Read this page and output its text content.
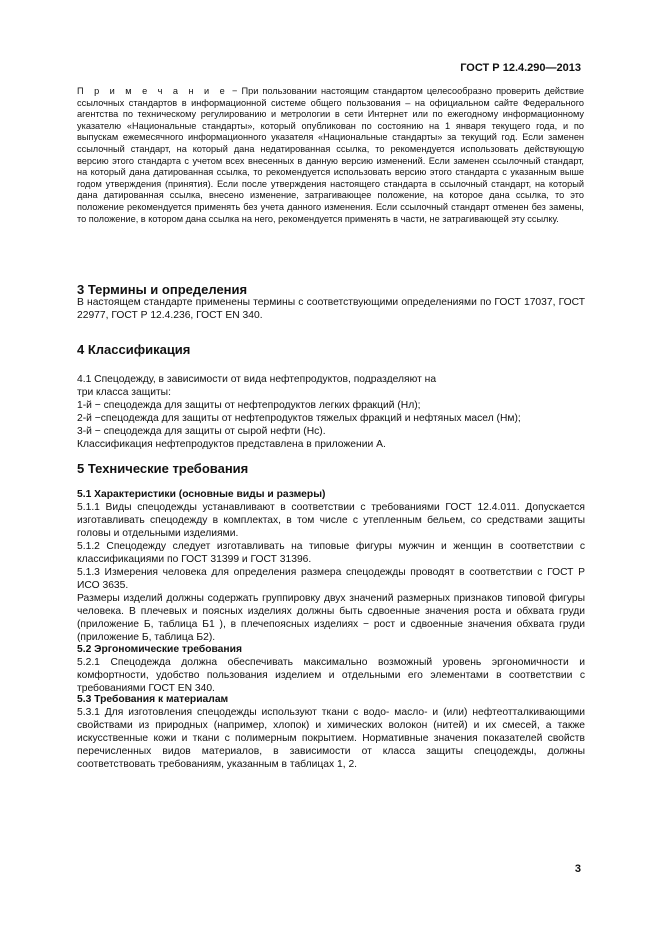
ГОСТ Р 12.4.290—2013
П р и м е ч а н и е − При пользовании настоящим стандартом целесообразно проверить действие ссылочных стандартов в информационной системе общего пользования – на официальном сайте Федерального агентства по техническому регулированию и метрологии в сети Интернет или по ежегодному информационному указателю «Национальные стандарты», который опубликован по состоянию на 1 января текущего года, и по выпускам ежемесячного информационного указателя «Национальные стандарты» за текущий год. Если заменен ссылочный стандарт, на который дана недатированная ссылка, то рекомендуется использовать действующую версию этого стандарта с учетом всех внесенных в данную версию изменений. Если заменен ссылочный стандарт, на который дана датированная ссылка, то рекомендуется использовать версию этого стандарта с указанным выше годом утверждения (принятия). Если после утверждения настоящего стандарта в ссылочный стандарт, на который дана датированная ссылка, внесено изменение, затрагивающее положение, на которое дана ссылка, то это положение рекомендуется применять без учета данного изменения. Если ссылочный стандарт отменен без замены, то положение, в котором дана ссылка на него, рекомендуется применять в части, не затрагивающей эту ссылку.
3 Термины и определения

В настоящем стандарте применены термины с соответствующими определениями по ГОСТ 17037, ГОСТ 22977, ГОСТ Р 12.4.236, ГОСТ EN 340.

4 Классификация

4.1 Спецодежду, в зависимости от вида нефтепродуктов, подразделяют на

три класса защиты:

1-й − спецодежда для защиты от нефтепродуктов легких фракций (Нл);

2-й −спецодежда для защиты от нефтепродуктов тяжелых фракций и нефтяных масел (Нм);

3-й − спецодежда для защиты от сырой нефти (Нс).

Классификация нефтепродуктов представлена в приложении А.

5 Технические требования

5.1 Характеристики (основные виды и размеры)

5.1.1 Виды спецодежды устанавливают в соответствии с требованиями ГОСТ 12.4.011. Допускается изготавливать спецодежду в комплектах, в том числе с утепленным бельем, со средствами защиты головы и отдельными изделиями.

5.1.2 Спецодежду следует изготавливать на типовые фигуры мужчин и женщин в соответствии с классификациями по ГОСТ 31399 и ГОСТ 31396.

5.1.3 Измерения человека для определения размера спецодежды проводят в соответствии с ГОСТ Р ИСО 3635.

Размеры изделий должны содержать группировку двух значений размерных признаков типовой фигуры человека. В плечевых и поясных изделиях должны быть сдвоенные значения роста и обхвата груди (приложение Б, таблица Б1 ), в плечепоясных изделиях − рост и сдвоенные значения обхвата груди (приложение Б, таблица Б2).

5.2 Эргономические требования

5.2.1 Спецодежда должна обеспечивать максимально возможный уровень эргономичности и комфортности, удобство пользования изделием и отдельными его элементами в соответствии с требованиями ГОСТ EN 340.

5.3 Требования к материалам

5.3.1 Для изготовления спецодежды используют ткани с водо- масло- и (или) нефтеотталкивающими свойствами из природных (например, хлопок) и химических волокон (нитей) и их смесей, а также искусственные кожи и ткани с полимерным покрытием. Нормативные значения показателей свойств перечисленных видов материалов, в зависимости от класса защиты спецодежды, должны соответствовать требованиям, указанным в таблицах 1, 2.

3
